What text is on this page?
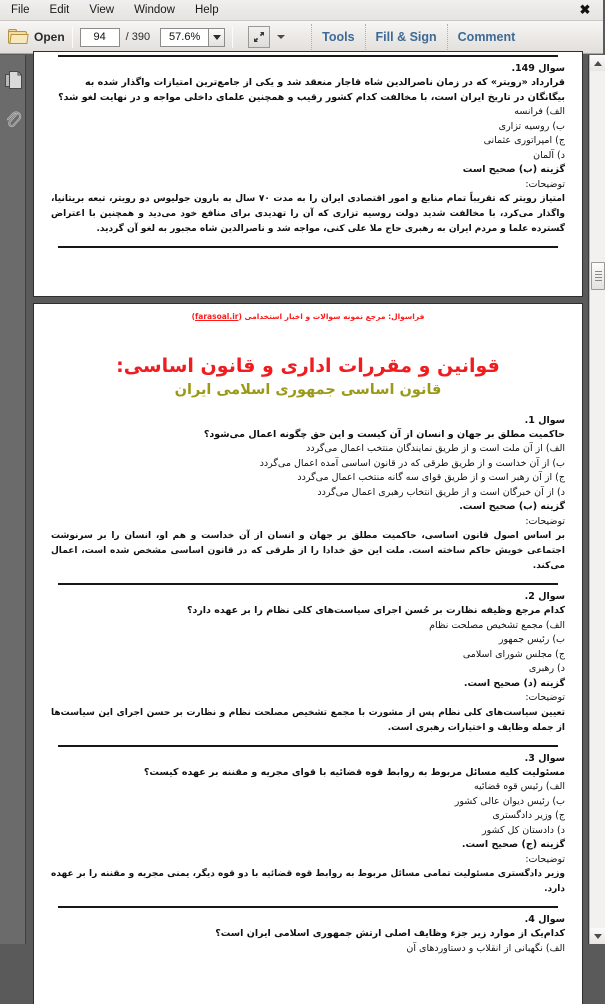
File	Edit	View	Window	Help	✖
Open
94	/ 390
57.6%	Tools Fill & Sign Comment
سوال 149.
قرارداد «رویتر» که در زمان ناصرالدین شاه قاجار منعقد شد و یکی از جامع‌ترین امتیازات واگذار شده به بیگانگان در تاریخ ایران است، با مخالفت کدام کشور رقیب و همچنین علمای داخلی مواجه و در نهایت لغو شد؟
الف) فرانسه
ب) روسیه تزاری
ج) امپراتوری عثمانی
د) آلمان
گزینه (ب) صحیح است
توضیحات:
امتیاز رویتر که تقریباً تمام منابع و امور اقتصادی ایران را به مدت ۷۰ سال به بارون جولیوس دو رویتر، تبعه بریتانیا، واگذار می‌کرد، با مخالفت شدید دولت روسیه تزاری که آن را تهدیدی برای منافع خود می‌دید و همچنین با اعتراض گسترده علما و مردم ایران به رهبری حاج ملا علی کنی، مواجه شد و ناصرالدین شاه مجبور به لغو آن گردید.
فراسوال: مرجع نمونه سوالات و اخبار استخدامی (farasoal.ir)
قوانین و مقررات اداری و قانون اساسی:
قانون اساسی جمهوری اسلامی ایران
سوال 1.
حاکمیت مطلق بر جهان و انسان از آن کیست و این حق چگونه اعمال می‌شود؟
الف) از آن ملت است و از طریق نمایندگان منتخب اعمال می‌گردد
ب) از آن خداست و از طریق طرقی که در قانون اساسی آمده اعمال می‌گردد
ج) از آن رهبر است و از طریق قوای سه گانه منتخب اعمال می‌گردد
د) از آن خبرگان است و از طریق انتخاب رهبری اعمال می‌گردد
گزینه (ب) صحیح است.
توضیحات:
بر اساس اصول قانون اساسی، حاکمیت مطلق بر جهان و انسان از آن خداست و هم او، انسان را بر سرنوشت اجتماعی خویش حاکم ساخته است. ملت این حق خدادا را از طرقی که در قانون اساسی مشخص شده است، اعمال می‌کند.
سوال 2.
کدام مرجع وظیفه نظارت بر حُسن اجرای سیاست‌های کلی نظام را بر عهده دارد؟
الف) مجمع تشخیص مصلحت نظام
ب) رئیس جمهور
ج) مجلس شورای اسلامی
د) رهبری
گزینه (د) صحیح است.
توضیحات:
تعیین سیاست‌های کلی نظام پس از مشورت با مجمع تشخیص مصلحت نظام و نظارت بر حسن اجرای این سیاست‌ها از جمله وظایف و اختیارات رهبری است.
سوال 3.
مسئولیت کلیه مسائل مربوط به روابط قوه قضائیه با قوای مجریه و مقننه بر عهده کیست؟
الف) رئیس قوه قضائیه
ب) رئیس دیوان عالی کشور
ج) وزیر دادگستری
د) دادستان کل کشور
گزینه (ج) صحیح است.
توضیحات:
وزیر دادگستری مسئولیت تمامی مسائل مربوط به روابط قوه قضائیه با دو قوه دیگر، یمنی مجریه و مقننه را بر عهده دارد.
سوال 4.
کدام‌یک از موارد زیر جزء وظایف اصلی ارتش جمهوری اسلامی ایران است؟
الف) نگهبانی از انقلاب و دستاوردهای آن
